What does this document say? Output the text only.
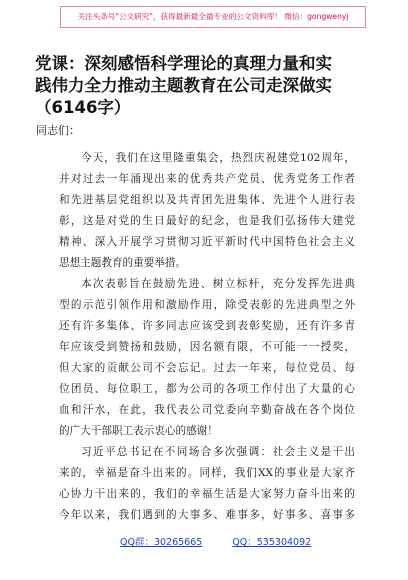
关注头条号"公文研究"，获得最新最全最专业的公文资料库！ 微信：gongwenyj
党课：深刻感悟科学理论的真理力量和实
践伟力全力推动主题教育在公司走深做实
（6146字）
同志们：
今天，我们在这里隆重集会，热烈庆祝建党102周年，
并对过去一年涌现出来的优秀共产党员、优秀党务工作者
和先进基层党组织以及共青团先进集体、先进个人进行表
彰，这是对党的生日最好的纪念，也是我们弘扬伟大建党
精神、深入开展学习贯彻习近平新时代中国特色社会主义
思想主题教育的重要举措。
本次表彰旨在鼓励先进、树立标杆，充分发挥先进典
型的示范引领作用和激励作用，除受表彰的先进典型之外
还有许多集体、许多同志应该受到表彰奖励，还有许多青
年应该受到赞扬和鼓励，因名额有限，不可能一一授奖，
但大家的贡献公司不会忘记。过去一年来，每位党员、每
位团员、每位职工，都为公司的各项工作付出了大量的心
血和汗水，在此，我代表公司党委向辛勤奋战在各个岗位
的广大干部职工表示衷心的感谢！
习近平总书记在不同场合多次强调：社会主义是干出
来的，幸福是奋斗出来的。同样，我们XX的事业是大家齐
心协力干出来的，我们的幸福生活是大家努力奋斗出来的
今年以来，我们遇到的大事多、难事多，好事多、喜事多
QQ群：30265665	QQ：535304092
